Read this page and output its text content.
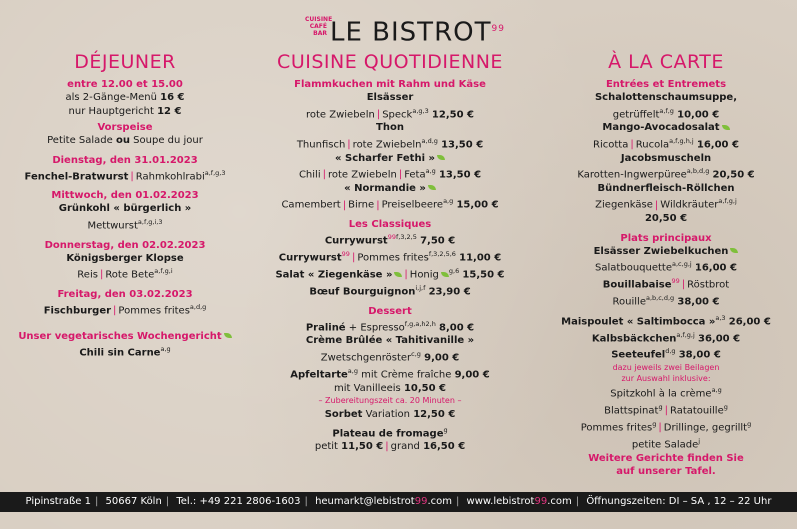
CUISINE
CAFÉ
BAR LE BISTROT$^{99}$
DÉJEUNER
entre 12.00 et 15.00
als 2-Gänge-Menü 16 €
nur Hauptgericht 12 €
Vorspeise
Petite Salade ou Soupe du jour
Dienstag, den 31.01.2023
Fenchel-Bratwurst | Rahmkohlrabi$^{a,f,g,3}$
Mittwoch, den 01.02.2023
Grünkohl « bürgerlich »
Mettwurst$^{a,f,g,i,3}$
Donnerstag, den 02.02.2023
Königsberger Klopse
Reis | Rote Bete$^{a,f,g,i}$
Freitag, den 03.02.2023
Fischburger | Pommes frites$^{a,d,g}$
Unser vegetarisches Wochengericht
Chili sin Carne$^{a,g}$
CUISINE QUOTIDIENNE
Flammkuchen mit Rahm und Käse
Elsässer
rote Zwiebeln | Speck$^{a,g,3}$ 12,50 €
Thon
Thunfisch | rote Zwiebeln$^{a,d,g}$ 13,50 €
« Scharfer Fethi »
Chili | rote Zwiebeln | Feta$^{a,g}$ 13,50 €
« Normandie »
Camembert | Birne | Preiselbeere$^{a,g}$ 15,00 €
Les Classiques
Currywurst$^{99f,3,2,5}$ 7,50 €
Currywurst$^{99}$ | Pommes frites$^{f,3,2,5,6}$ 11,00 €
Salat « Ziegenkäse » | Honig $^{g,6}$ 15,50 €
Bœuf Bourguignon$^{i,j,f}$ 23,90 €
Dessert
Praliné + Espresso$^{f,g,a,h2,h}$ 8,00 €
Crème Brûlée « Tahitivanille »
Zwetschgenröster$^{c,g}$ 9,00 €
Apfeltarte$^{a,g}$ mit Crème fraîche 9,00 €
mit Vanilleeis 10,50 €
– Zubereitungszeit ca. 20 Minuten –
Sorbet Variation 12,50 €
Plateau de fromage$^g$
petit 11,50 € | grand 16,50 €
À LA CARTE
Entrées et Entremets
Schalottenschaumsuppe,
getrüffelt$^{a,f,g}$ 10,00 €
Mango-Avocadosalat
Ricotta | Rucola$^{a,f,g,h,j}$ 16,00 €
Jacobsmuscheln
Karotten-Ingwerpüree$^{a,b,d,g}$ 20,50 €
Bündnerfleisch-Röllchen
Ziegenkäse | Wildkräuter$^{a,f,g,j}$
20,50 €
Plats principaux
Elsässer Zwiebelkuchen
Salatbouquette$^{a,c,g,j}$ 16,00 €
Bouillabaise$^{99}$ | Röstbrot
Rouille$^{a,b,c,d,g}$ 38,00 €
Maispoulet « Saltimbocca »$^{a,3}$ 26,00 €
Kalbsbäckchen$^{a,f,g,j}$ 36,00 €
Seeteufel$^{d,g}$ 38,00 €
dazu jeweils zwei Beilagen
zur Auswahl inklusive:
Spitzkohl à la crème$^{a,g}$
Blattspinat$^g$ | Ratatouille$^g$
Pommes frites$^g$ | Drillinge, gegrillt$^g$
petite Salade$^j$
Weitere Gerichte finden Sie
auf unserer Tafel.
Pipinstraße 1 | 50667 Köln | Tel.: +49 221 2806-1603 | heumarkt@lebistrot99.com | www.lebistrot99.com | Öffnungszeiten: DI – SA , 12 – 22 Uhr
